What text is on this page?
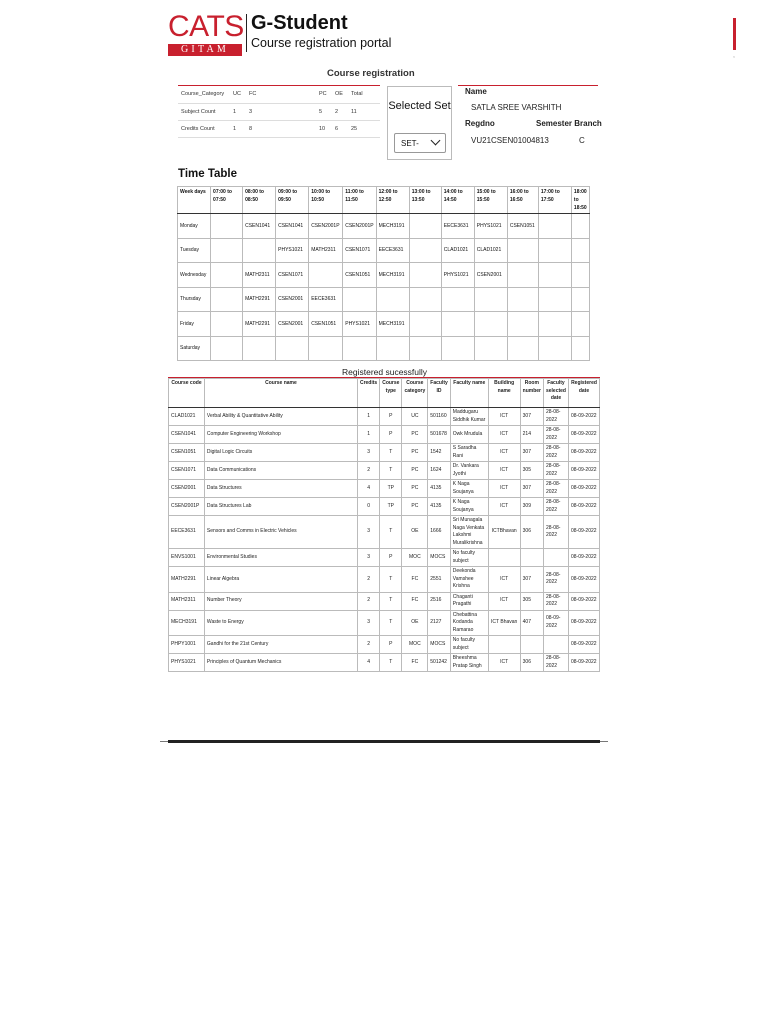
CATS
GITAM
G-Student
Course registration portal
,
Course registration
Course_Category	UC	FC	PC	OE	Total
Subject Count	1	3	5	2	11
Credits Count	1	8	10	6	25
Selected Set
SET-
Name
SATLA SREE VARSHITH
Regdno	Semester Branch
VU21CSEN01004813	C
Time Table
Week days	07:00 to 07:50	08:00 to 08:50	09:00 to 09:50	10:00 to 10:50	11:00 to 11:50	12:00 to 12:50	13:00 to 13:50	14:00 to 14:50	15:00 to 15:50	16:00 to 16:50	17:00 to 17:50	18:00 to 18:50
Monday		CSEN1041	CSEN1041	CSEN2001P	CSEN2001P	MECH3191		EECE3631	PHYS1021	CSEN1051		
Tuesday			PHYS1021	MATH2311	CSEN1071	EECE3631		CLAD1021	CLAD1021			
Wednesday		MATH2311	CSEN1071		CSEN1051	MECH3191		PHYS1021	CSEN2001			
Thursday		MATH2291	CSEN2001	EECE3631								
Friday		MATH2291	CSEN2001	CSEN1051	PHYS1021	MECH3191						
Saturday												
Registered sucessfully
Course code	Course name	Credits	Course type	Course category	Faculty ID	Faculty name	Building name	Room number	Faculty selected date	Registered date
CLAD1021	Verbal Ability & Quantitative Ability	1	P	UC	501160	Maddugaru Siddhik Kumar	ICT	307	28-08-2022	08-09-2022
CSEN1041	Computer Engineering Workshop	1	P	PC	501678	Owk Mrudula	ICT	214	28-08-2022	08-09-2022
CSEN1051	Digital Logic Circuits	3	T	PC	1542	S Saradha Rani	ICT	307	28-08-2022	08-09-2022
CSEN1071	Data Communications	2	T	PC	1624	Dr. Vankara Jyothi	ICT	305	28-08-2022	08-09-2022
CSEN2001	Data Structures	4	TP	PC	4135	K Naga Soujanya	ICT	307	28-08-2022	08-09-2022
CSEN2001P	Data Structures Lab	0	TP	PC	4135	K Naga Soujanya	ICT	309	28-08-2022	08-09-2022
EECE3631	Sensors and Comms in Electric Vehicles	3	T	OE	1666	Sri Munagala Naga Venkata Lakshmi Muralikrishna	ICTBhavan	306	28-08-2022	08-09-2022
ENVS1001	Environmental Studies	3	P	MOC	MOCS	No faculty subject				08-09-2022
MATH2291	Linear Algebra	2	T	FC	2551	Deekonda Vamshee Krishna	ICT	307	28-08-2022	08-09-2022
MATH2311	Number Theory	2	T	FC	2516	Chaganti Pragathi	ICT	305	28-08-2022	08-09-2022
MECH3191	Waste to Energy	3	T	OE	2127	Chebattina Kodanda Ramarao	ICT Bhavan	407	08-09-2022	08-09-2022
PHPY1001	Gandhi for the 21st Century	2	P	MOC	MOCS	No faculty subject				08-09-2022
PHYS1021	Principles of Quantum Mechanics	4	T	FC	501242	Bheeshma Pratap Singh	ICT	306	28-08-2022	08-09-2022
